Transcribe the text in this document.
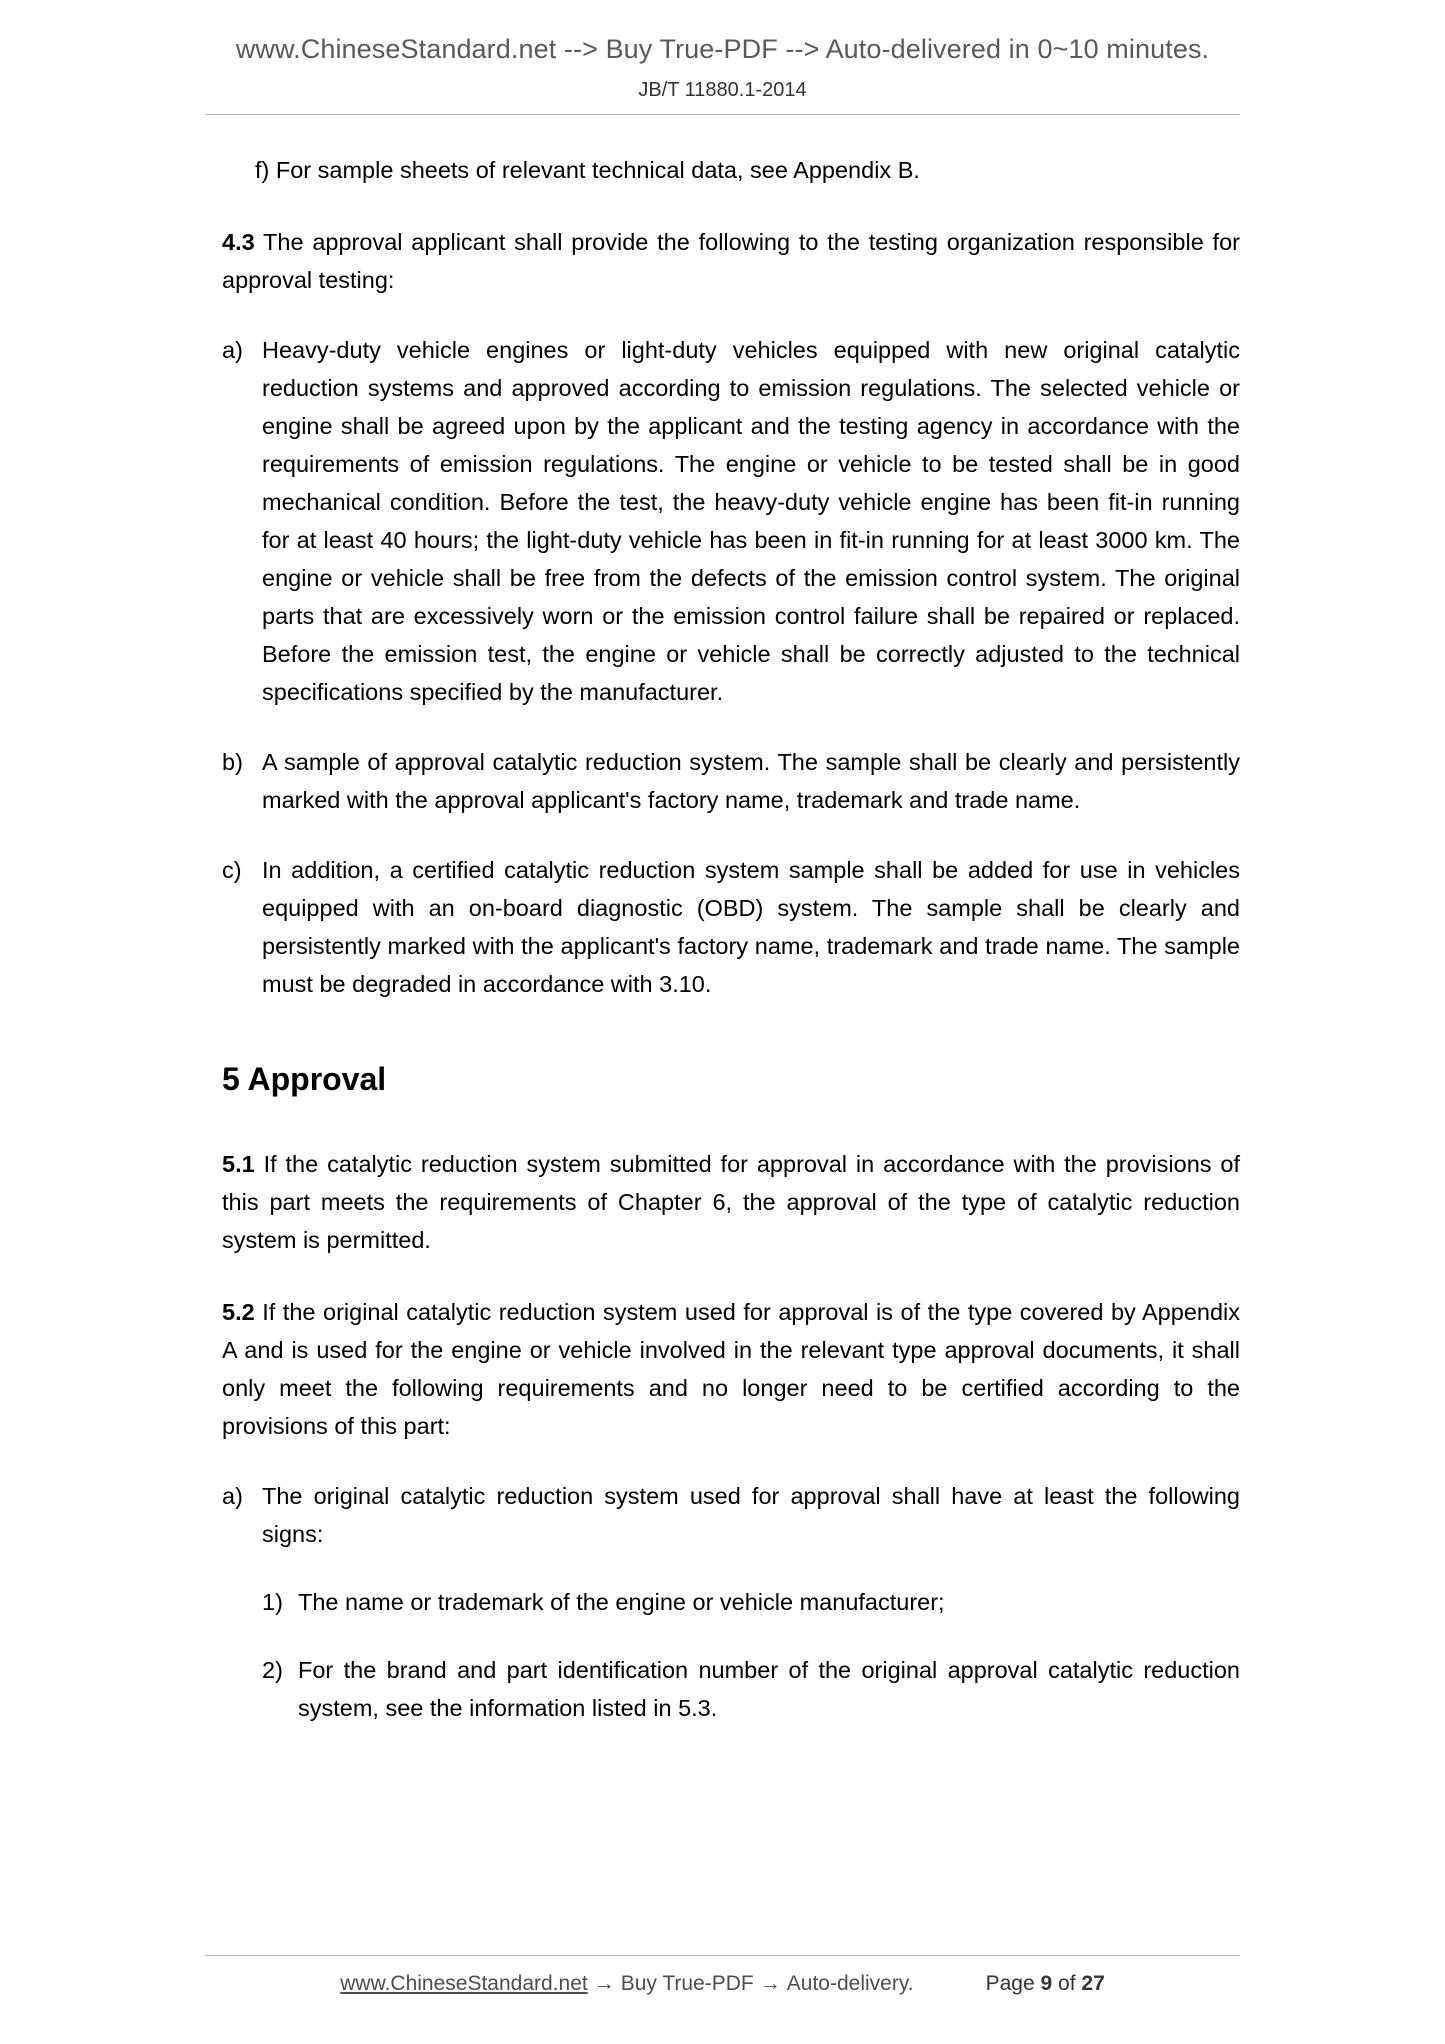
www.ChineseStandard.net --> Buy True-PDF --> Auto-delivered in 0~10 minutes.
JB/T 11880.1-2014

f) For sample sheets of relevant technical data, see Appendix B.

4.3 The approval applicant shall provide the following to the testing organization responsible for approval testing:

a) Heavy-duty vehicle engines or light-duty vehicles equipped with new original catalytic reduction systems and approved according to emission regulations. The selected vehicle or engine shall be agreed upon by the applicant and the testing agency in accordance with the requirements of emission regulations. The engine or vehicle to be tested shall be in good mechanical condition. Before the test, the heavy-duty vehicle engine has been fit-in running for at least 40 hours; the light-duty vehicle has been in fit-in running for at least 3000 km. The engine or vehicle shall be free from the defects of the emission control system. The original parts that are excessively worn or the emission control failure shall be repaired or replaced. Before the emission test, the engine or vehicle shall be correctly adjusted to the technical specifications specified by the manufacturer.

b) A sample of approval catalytic reduction system. The sample shall be clearly and persistently marked with the approval applicant's factory name, trademark and trade name.

c) In addition, a certified catalytic reduction system sample shall be added for use in vehicles equipped with an on-board diagnostic (OBD) system. The sample shall be clearly and persistently marked with the applicant's factory name, trademark and trade name. The sample must be degraded in accordance with 3.10.

5 Approval

5.1 If the catalytic reduction system submitted for approval in accordance with the provisions of this part meets the requirements of Chapter 6, the approval of the type of catalytic reduction system is permitted.

5.2 If the original catalytic reduction system used for approval is of the type covered by Appendix A and is used for the engine or vehicle involved in the relevant type approval documents, it shall only meet the following requirements and no longer need to be certified according to the provisions of this part:

a) The original catalytic reduction system used for approval shall have at least the following signs:

1) The name or trademark of the engine or vehicle manufacturer;

2) For the brand and part identification number of the original approval catalytic reduction system, see the information listed in 5.3.

www.ChineseStandard.net → Buy True-PDF → Auto-delivery.	Page 9 of 27
